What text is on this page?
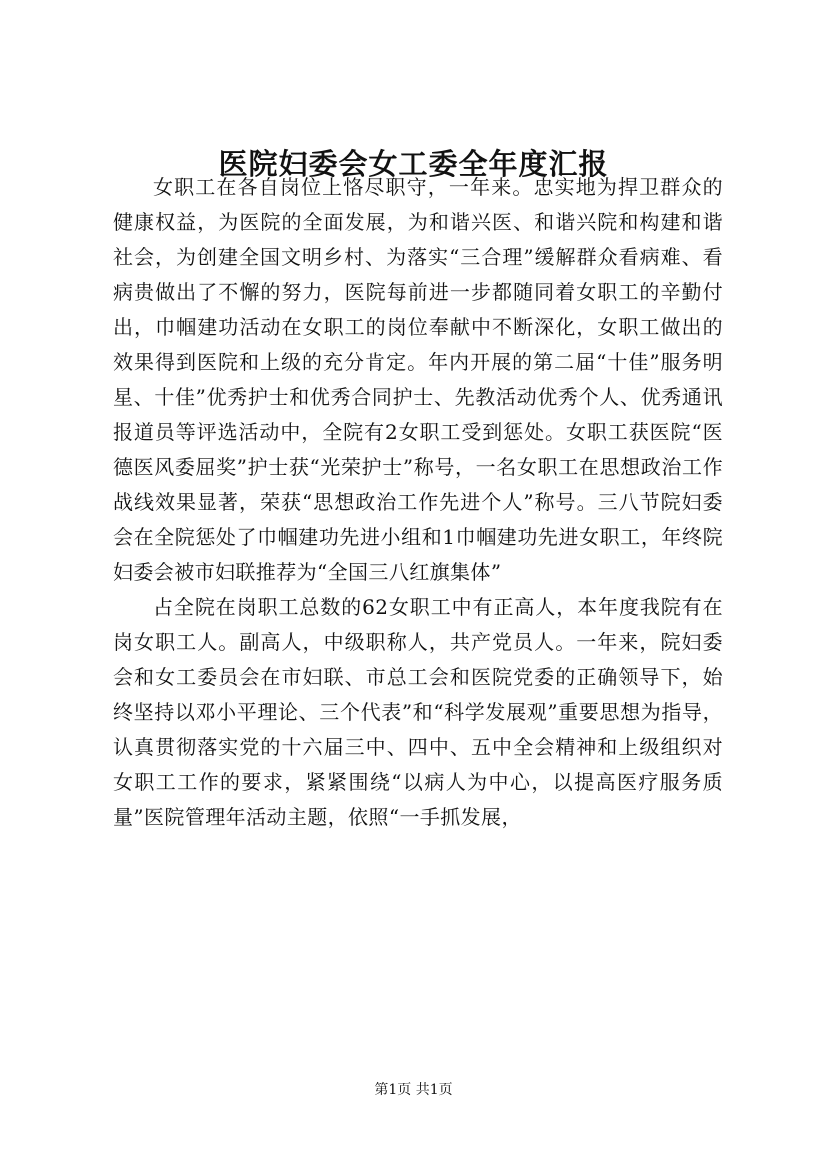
医院妇委会女工委全年度汇报

女职工在各自岗位上恪尽职守，一年来。忠实地为捍卫群众的健康权益，为医院的全面发展，为和谐兴医、和谐兴院和构建和谐社会，为创建全国文明乡村、为落实“三合理”缓解群众看病难、看病贵做出了不懈的努力，医院每前进一步都随同着女职工的辛勤付出，巾帼建功活动在女职工的岗位奉献中不断深化，女职工做出的效果得到医院和上级的充分肯定。年内开展的第二届“十佳”服务明星、十佳”优秀护士和优秀合同护士、先教活动优秀个人、优秀通讯报道员等评选活动中，全院有2女职工受到惩处。女职工获医院“医德医风委屈奖”护士获“光荣护士”称号，一名女职工在思想政治工作战线效果显著，荣获“思想政治工作先进个人”称号。三八节院妇委会在全院惩处了巾帼建功先进小组和1巾帼建功先进女职工，年终院妇委会被市妇联推荐为“全国三八红旗集体”

占全院在岗职工总数的62女职工中有正高人，本年度我院有在岗女职工人。副高人，中级职称人，共产党员人。一年来，院妇委会和女工委员会在市妇联、市总工会和医院党委的正确领导下，始终坚持以邓小平理论、三个代表”和“科学发展观”重要思想为指导，认真贯彻落实党的十六届三中、四中、五中全会精神和上级组织对女职工工作的要求，紧紧围绕“以病人为中心，以提高医疗服务质量”医院管理年活动主题，依照“一手抓发展，

第1页 共1页
